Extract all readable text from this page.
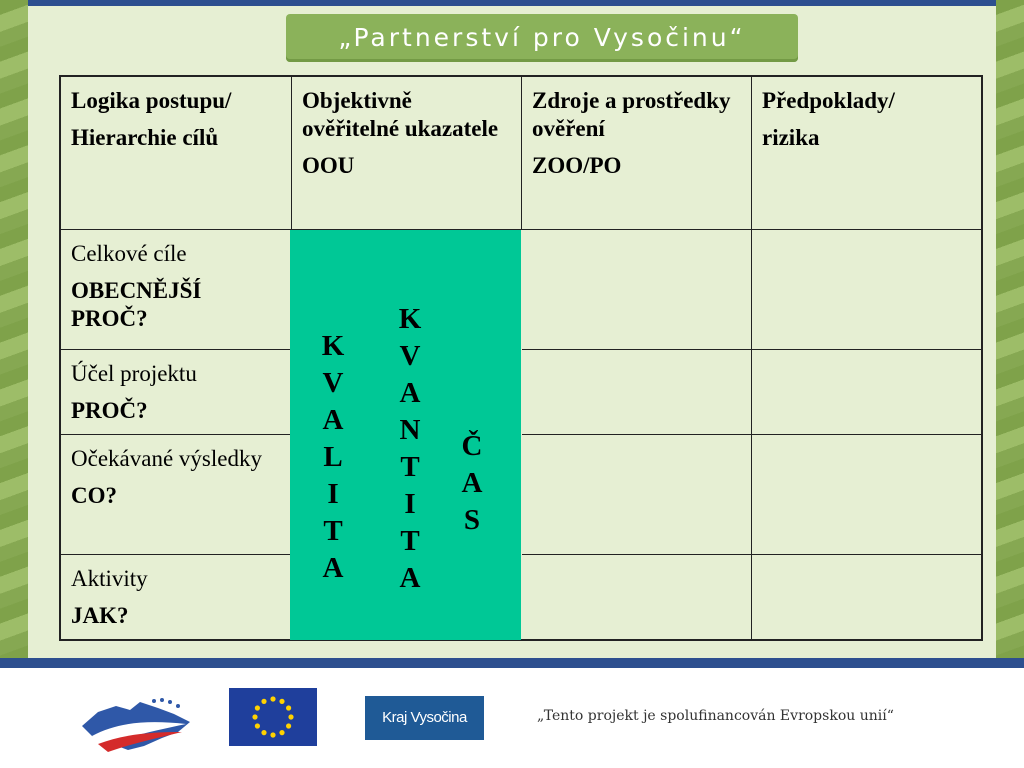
„Partnerství pro Vysočinu“

Logika postupu/

Hierarchie cílů

Objektivně ověřitelné ukazatele

OOU

Zdroje a prostředky ověření

ZOO/PO

Předpoklady/

rizika

Celkové cíle

OBECNĚJŠÍ PROČ?

Účel projektu

PROČ?

Očekávané výsledky

CO?

Aktivity

JAK?

K
V
A
L
I
T
A
K
V
A
N
T
I
T
A
Č
A
S
Kraj Vysočina	„Tento projekt je spolufinancován Evropskou unií“
